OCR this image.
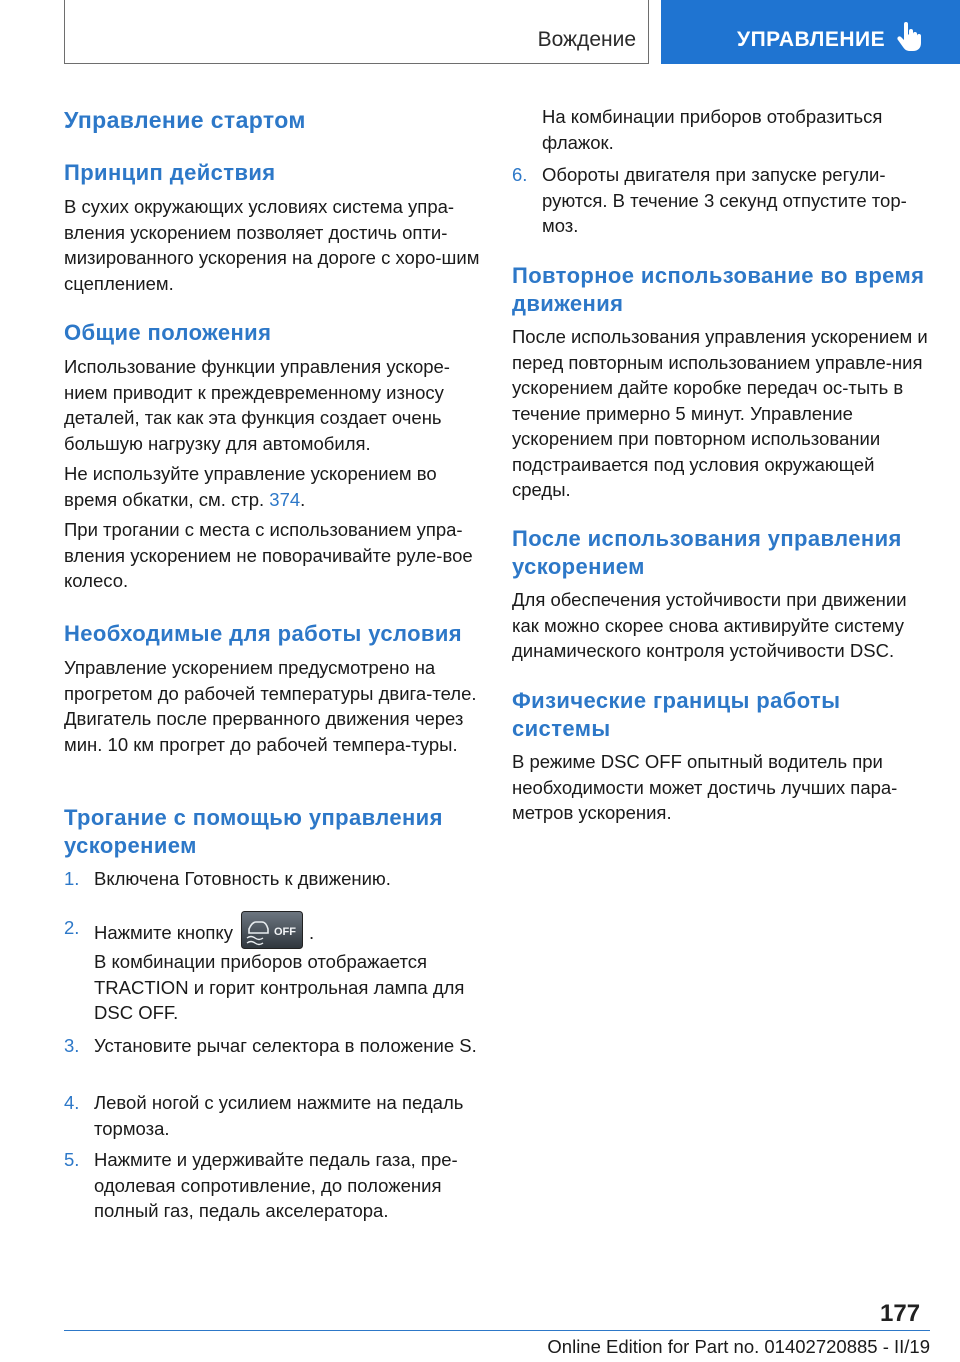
Вождение	УПРАВЛЕНИЕ
Управление стартом
Принцип действия

В сухих окружающих условиях система упра-вления ускорением позволяет достичь опти-мизированного ускорения на дороге с хоро-шим сцеплением.

Общие положения

Использование функции управления ускоре-нием приводит к преждевременному износу деталей, так как эта функция создает очень большую нагрузку для автомобиля.

Не используйте управление ускорением во время обкатки, см. стр. 374.

При трогании с места с использованием упра-вления ускорением не поворачивайте руле-вое колесо.

Необходимые для работы условия

Управление ускорением предусмотрено на прогретом до рабочей температуры двига-теле. Двигатель после прерванного движения через мин. 10 км прогрет до рабочей темпера-туры.

Трогание с помощью управления ускорением
1. Включена Готовность к движению.
2. Нажмите кнопку	OFF .
В комбинации приборов отображается TRACTION и горит контрольная лампа для DSC OFF.
3. Установите рычаг селектора в положение S.
4. Левой ногой с усилием нажмите на педаль тормоза.
5. Нажмите и удерживайте педаль газа, пре-одолевая сопротивление, до положения полный газ, педаль акселератора.

На комбинации приборов отобразиться флажок.

6. Обороты двигателя при запуске регули-руются. В течение 3 секунд отпустите тор-моз.
Повторное использование во время движения

После использования управления ускорением и перед повторным использованием управле-ния ускорением дайте коробке передач ос-тыть в течение примерно 5 минут. Управление ускорением при повторном использовании подстраивается под условия окружающей среды.

После использования управления ускорением

Для обеспечения устойчивости при движении как можно скорее снова активируйте систему динамического контроля устойчивости DSC.

Физические границы работы системы

В режиме DSC OFF опытный водитель при необходимости может достичь лучших пара-метров ускорения.

177
Online Edition for Part no. 01402720885 - II/19
